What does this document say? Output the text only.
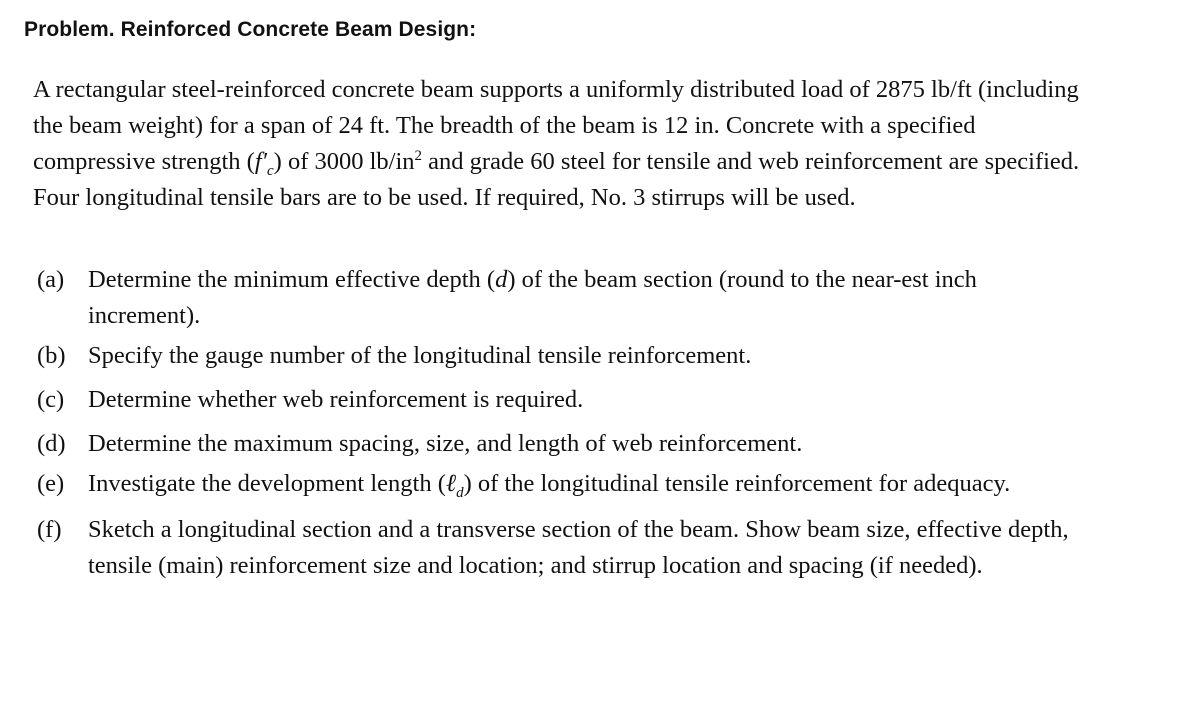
Problem. Reinforced Concrete Beam Design:
A rectangular steel-reinforced concrete beam supports a uniformly distributed load of 2875 lb/ft (including the beam weight) for a span of 24 ft. The breadth of the beam is 12 in. Concrete with a specified compressive strength $(f'_c)$ of 3000 $lb/in^2$ and grade 60 steel for tensile and web reinforcement are specified. Four longitudinal tensile bars are to be used. If required, No. 3 stirrups will be used.
(a) Determine the minimum effective depth (d) of the beam section (round to the near-est inch increment).
(b) Specify the gauge number of the longitudinal tensile reinforcement.
(c) Determine whether web reinforcement is required.
(d) Determine the maximum spacing, size, and length of web reinforcement.
(e) Investigate the development length (ℓ$_d$) of the longitudinal tensile reinforcement for adequacy.
(f)	Sketch a longitudinal section and a transverse section of the beam. Show beam size, effective depth, tensile (main) reinforcement size and location; and stirrup location and spacing (if needed).
